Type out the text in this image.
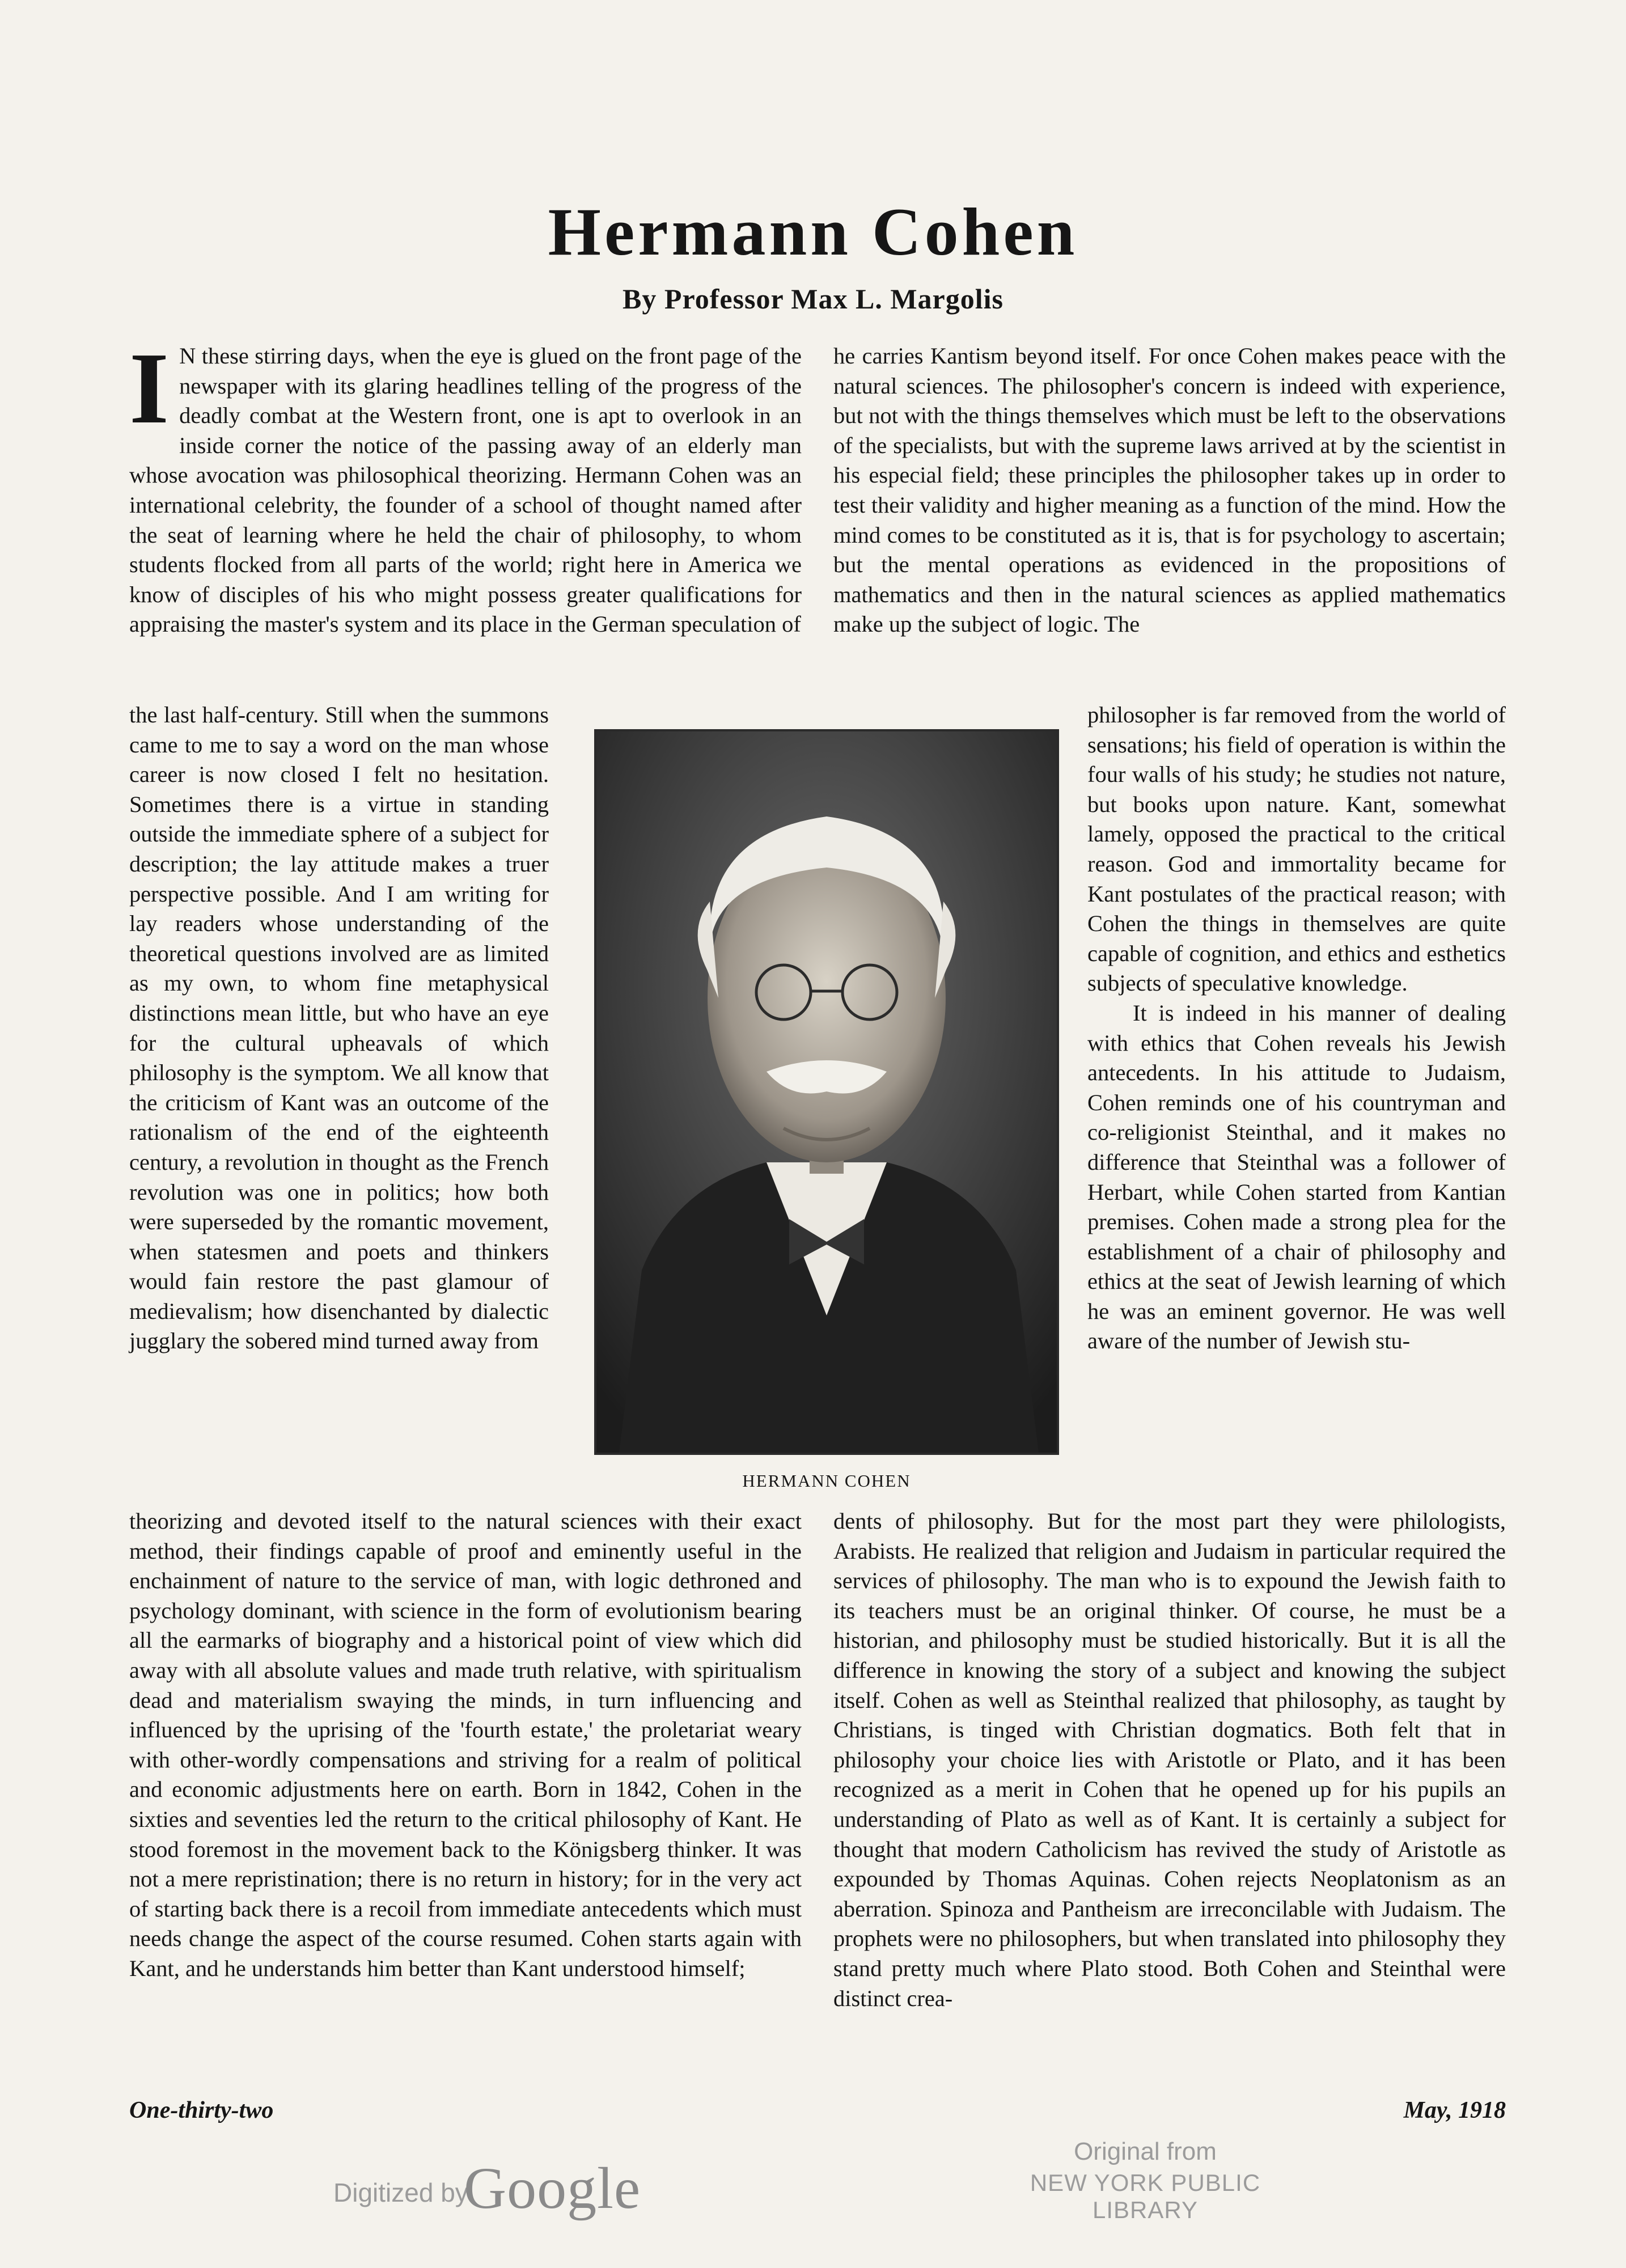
Hermann Cohen
By Professor Max L. Margolis

I N these stirring days, when the eye is glued on the front page of the newspaper with its glaring headlines telling of the progress of the deadly combat at the Western front, one is apt to overlook in an inside corner the notice of the passing away of an elderly man whose avocation was philosophical theorizing. Hermann Cohen was an international celebrity, the founder of a school of thought named after the seat of learning where he held the chair of philosophy, to whom students flocked from all parts of the world; right here in America we know of disciples of his who might possess greater qualifications for appraising the master's system and its place in the German speculation of

the last half-century. Still when the summons came to me to say a word on the man whose career is now closed I felt no hesitation. Sometimes there is a virtue in standing outside the immediate sphere of a subject for description; the lay attitude makes a truer perspective possible. And I am writing for lay readers whose understanding of the theoretical questions involved are as limited as my own, to whom fine metaphysical distinctions mean little, but who have an eye for the cultural upheavals of which philosophy is the symptom. We all know that the criticism of Kant was an outcome of the rationalism of the end of the eighteenth century, a revolution in thought as the French revolution was one in politics; how both were superseded by the romantic movement, when statesmen and poets and thinkers would fain restore the past glamour of medievalism; how disenchanted by dialectic jugglary the sobered mind turned away from

HERMANN COHEN

theorizing and devoted itself to the natural sciences with their exact method, their findings capable of proof and eminently useful in the enchainment of nature to the service of man, with logic dethroned and psychology dominant, with science in the form of evolutionism bearing all the earmarks of biography and a historical point of view which did away with all absolute values and made truth relative, with spiritualism dead and materialism swaying the minds, in turn influencing and influenced by the uprising of the 'fourth estate,' the proletariat weary with other-wordly compensations and striving for a realm of political and economic adjustments here on earth. Born in 1842, Cohen in the sixties and seventies led the return to the critical philosophy of Kant. He stood foremost in the movement back to the Königsberg thinker. It was not a mere repristination; there is no return in history; for in the very act of starting back there is a recoil from immediate antecedents which must needs change the aspect of the course resumed. Cohen starts again with Kant, and he understands him better than Kant understood himself;

he carries Kantism beyond itself. For once Cohen makes peace with the natural sciences. The philosopher's concern is indeed with experience, but not with the things themselves which must be left to the observations of the specialists, but with the supreme laws arrived at by the scientist in his especial field; these principles the philosopher takes up in order to test their validity and higher meaning as a function of the mind. How the mind comes to be constituted as it is, that is for psychology to ascertain; but the mental operations as evidenced in the propositions of mathematics and then in the natural sciences as applied mathematics make up the subject of logic. The

philosopher is far removed from the world of sensations; his field of operation is within the four walls of his study; he studies not nature, but books upon nature. Kant, somewhat lamely, opposed the practical to the critical reason. God and immortality became for Kant postulates of the practical reason; with Cohen the things in themselves are quite capable of cognition, and ethics and esthetics subjects of speculative knowledge.
It is indeed in his manner of dealing with ethics that Cohen reveals his Jewish antecedents. In his attitude to Judaism, Cohen reminds one of his countryman and co-religionist Steinthal, and it makes no difference that Steinthal was a follower of Herbart, while Cohen started from Kantian premises. Cohen made a strong plea for the establishment of a chair of philosophy and ethics at the seat of Jewish learning of which he was an eminent governor. He was well aware of the number of Jewish stu-

dents of philosophy. But for the most part they were philologists, Arabists. He realized that religion and Judaism in particular required the services of philosophy. The man who is to expound the Jewish faith to its teachers must be an original thinker. Of course, he must be a historian, and philosophy must be studied historically. But it is all the difference in knowing the story of a subject and knowing the subject itself. Cohen as well as Steinthal realized that philosophy, as taught by Christians, is tinged with Christian dogmatics. Both felt that in philosophy your choice lies with Aristotle or Plato, and it has been recognized as a merit in Cohen that he opened up for his pupils an understanding of Plato as well as of Kant. It is certainly a subject for thought that modern Catholicism has revived the study of Aristotle as expounded by Thomas Aquinas. Cohen rejects Neoplatonism as an aberration. Spinoza and Pantheism are irreconcilable with Judaism. The prophets were no philosophers, but when translated into philosophy they stand pretty much where Plato stood. Both Cohen and Steinthal were distinct crea-

One-thirty-two	May, 1918
Digitized by
Google
Original from
NEW YORK PUBLIC LIBRARY
